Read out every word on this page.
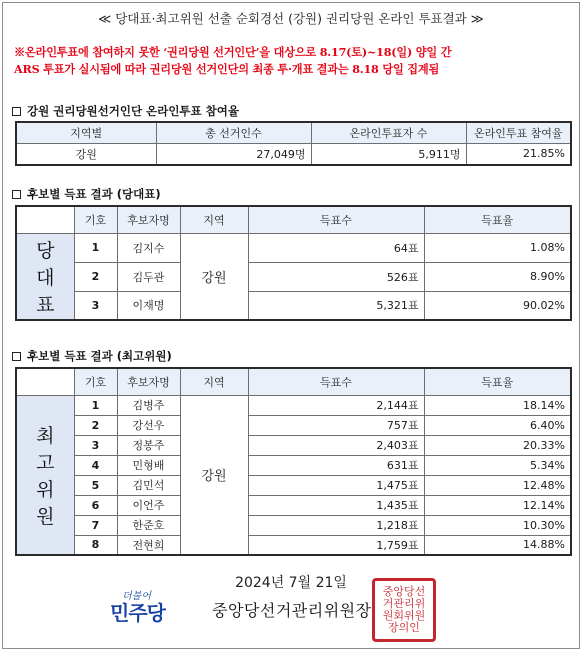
≪ 당대표·최고위원 선출 순회경선 (강원) 권리당원 온라인 투표결과 ≫
※온라인투표에 참여하지 못한 ‘권리당원 선거인단’을 대상으로 8.17(토)~18(일) 양일 간
ARS 투표가 실시됨에 따라 권리당원 선거인단의 최종 투·개표 결과는 8.18 당일 집계됨
강원 권리당원선거인단 온라인투표 참여율
지역별	총 선거인수	온라인투표자 수	온라인투표 참여율
강원	27,049명	5,911명	21.85%
후보별 득표 결과 (당대표)
	기호	후보자명	지역	득표수	득표율

당
대
표	1	김지수	강원	64표	1.08%
	2	김두관		526표	8.90%
	3	이재명		5,321표	90.02%
후보별 득표 결과 (최고위원)
	기호	후보자명	지역	득표수	득표율

최
고
위
원	1	김병주	강원	2,144표	18.14%
	2	강선우		757표	6.40%
	3	정봉주		2,403표	20.33%
	4	민형배		631표	5.34%
	5	김민석		1,475표	12.48%
	6	이언주		1,435표	12.14%
	7	한준호		1,218표	10.30%
	8	전현희		1,759표	14.88%
2024년 7월 21일
더불어
민주당	중앙당선거관리위원장
중앙당선
거관리위
원회위원
장의인
